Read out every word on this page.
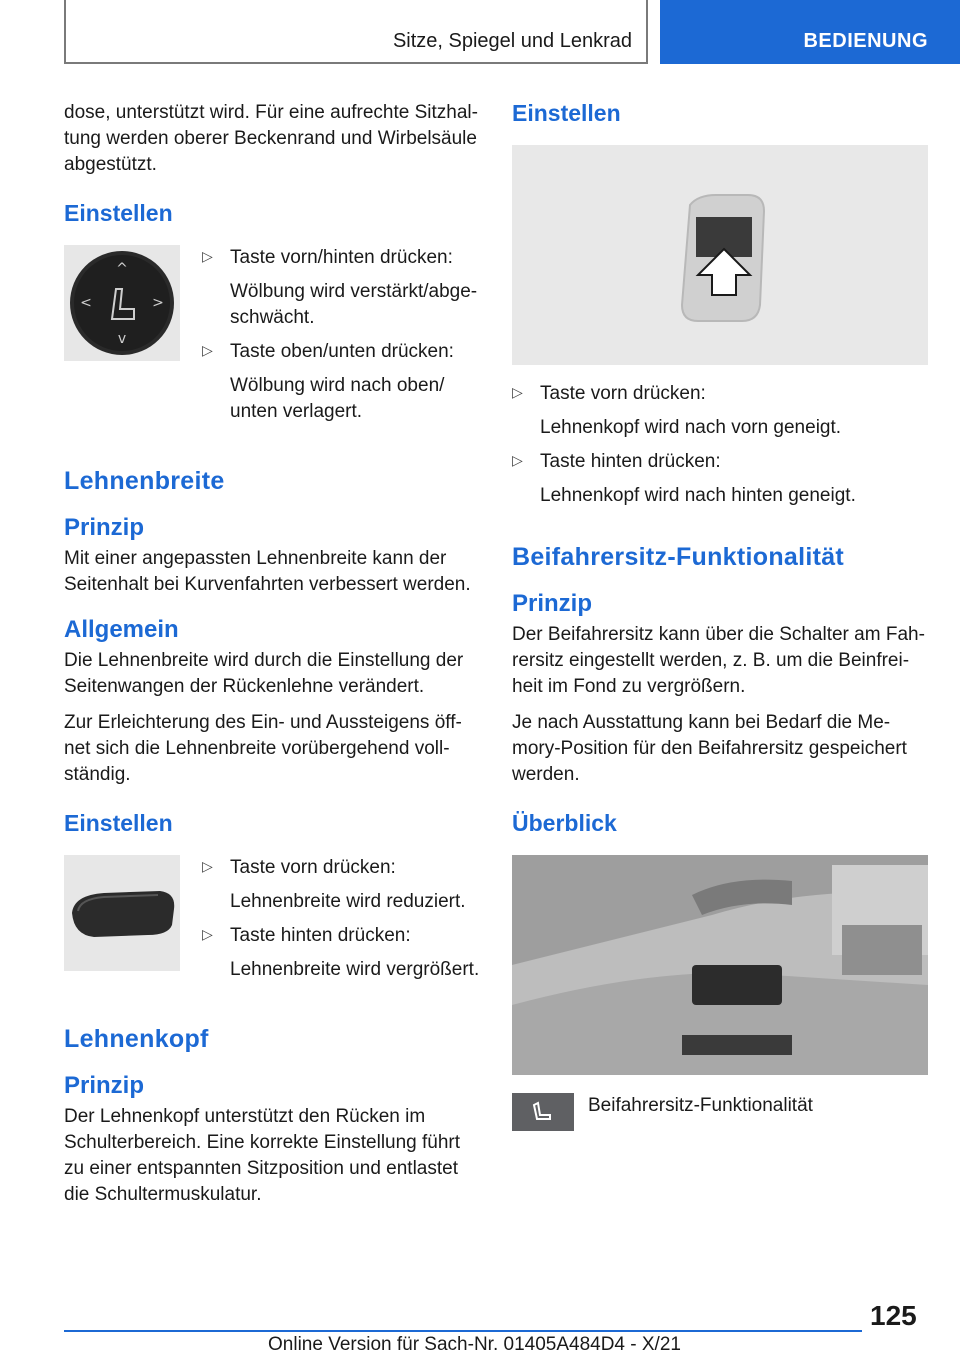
Sitze, Spiegel und Lenkrad	BEDIENUNG

dose, unterstützt wird. Für eine aufrechte Sitzhal-tung werden oberer Beckenrand und Wirbelsäule abgestützt.

Einstellen
^
v
<	>
▷ Taste vorn/hinten drücken:
Wölbung wird verstärkt/abge-schwächt.
▷ Taste oben/unten drücken:
Wölbung wird nach oben/ unten verlagert.
Lehnenbreite
Prinzip

Mit einer angepassten Lehnenbreite kann der Seitenhalt bei Kurvenfahrten verbessert werden.

Allgemein

Die Lehnenbreite wird durch die Einstellung der Seitenwangen der Rückenlehne verändert.

Zur Erleichterung des Ein- und Aussteigens öff-net sich die Lehnenbreite vorübergehend voll-ständig.

Einstellen
▷ Taste vorn drücken:
Lehnenbreite wird reduziert.
▷ Taste hinten drücken:
Lehnenbreite wird vergrößert.
Lehnenkopf
Prinzip

Der Lehnenkopf unterstützt den Rücken im Schulterbereich. Eine korrekte Einstellung führt zu einer entspannten Sitzposition und entlastet die Schultermuskulatur.

Einstellen
▷ Taste vorn drücken:
Lehnenkopf wird nach vorn geneigt.
▷ Taste hinten drücken:
Lehnenkopf wird nach hinten geneigt.
Beifahrersitz-Funktionalität
Prinzip

Der Beifahrersitz kann über die Schalter am Fah-rersitz eingestellt werden, z. B. um die Beinfrei-heit im Fond zu vergrößern.

Je nach Ausstattung kann bei Bedarf die Me-mory-Position für den Beifahrersitz gespeichert werden.

Überblick

Beifahrersitz-Funktionalität

125
Online Version für Sach-Nr. 01405A484D4 - X/21
